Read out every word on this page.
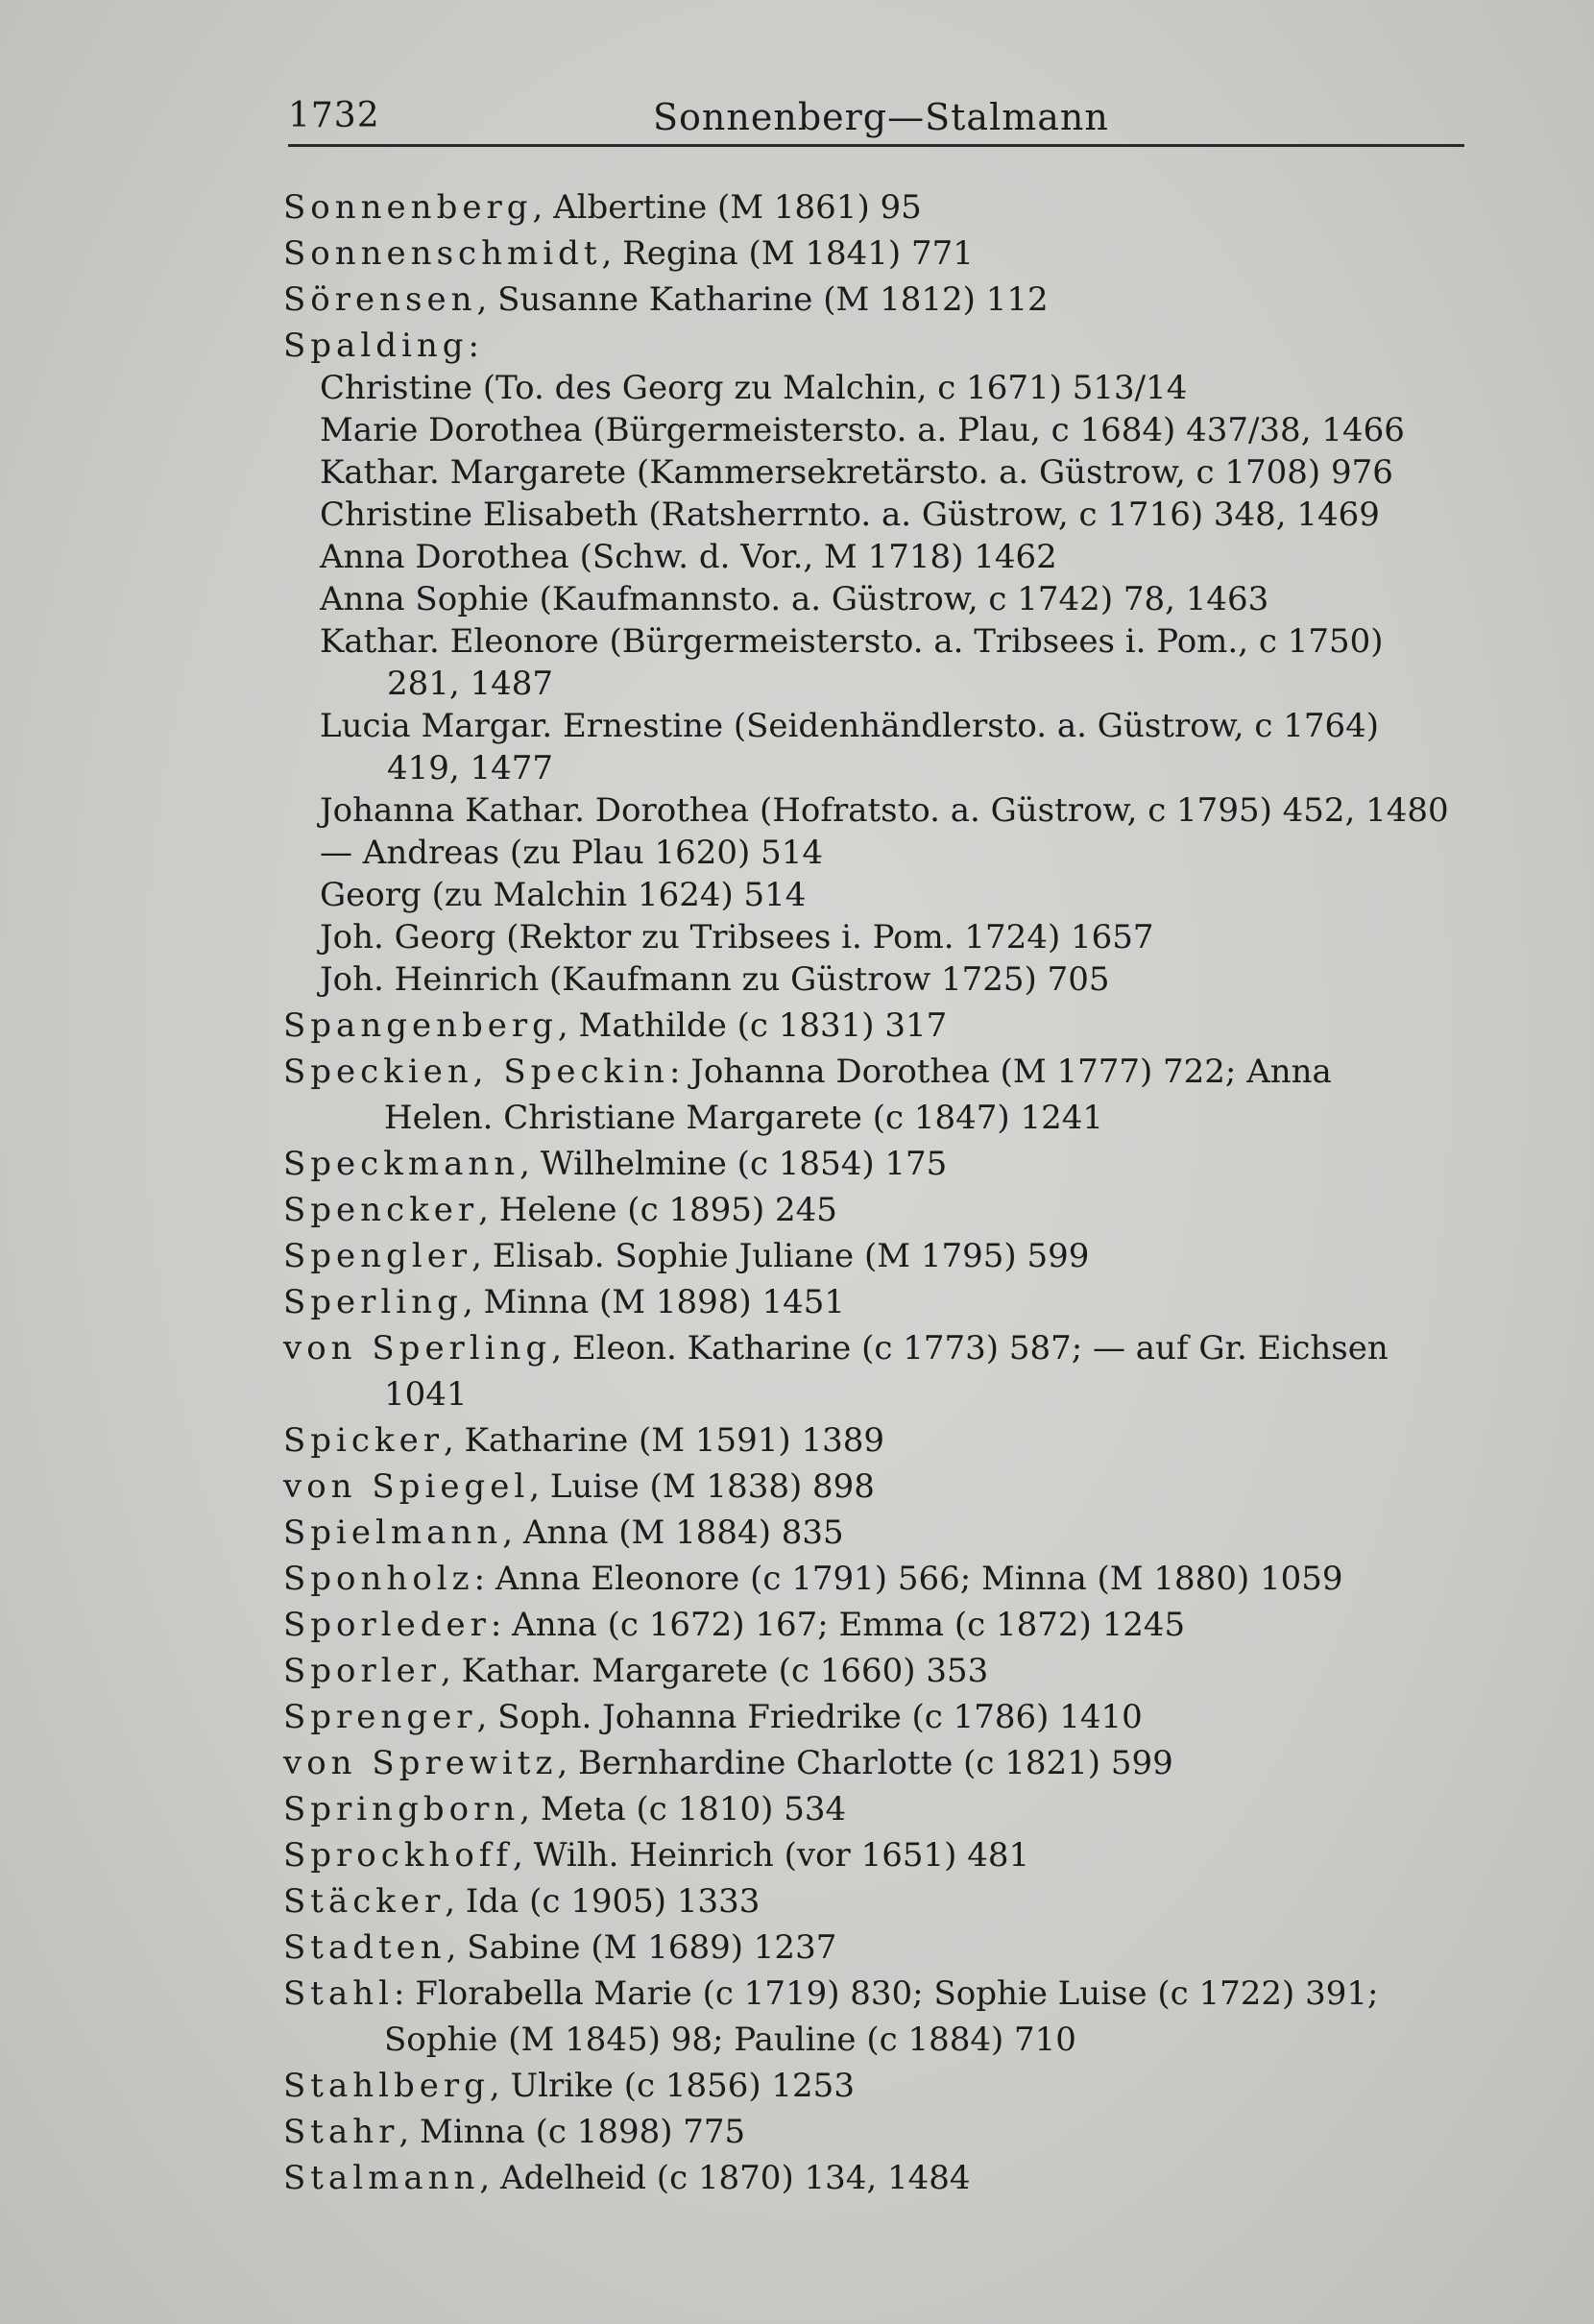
1732	Sonnenberg—Stalmann

Sonnenberg, Albertine (M 1861) 95

Sonnenschmidt, Regina (M 1841) 771

Sörensen, Susanne Katharine (M 1812) 112

Spalding:

Christine (To. des Georg zu Malchin, c 1671) 513/14

Marie Dorothea (Bürgermeistersto. a. Plau, c 1684) 437/38, 1466

Kathar. Margarete (Kammersekretärsto. a. Güstrow, c 1708) 976

Christine Elisabeth (Ratsherrnto. a. Güstrow, c 1716) 348, 1469

Anna Dorothea (Schw. d. Vor., M 1718) 1462

Anna Sophie (Kaufmannsto. a. Güstrow, c 1742) 78, 1463

Kathar. Eleonore (Bürgermeistersto. a. Tribsees i. Pom., c 1750)

281, 1487

Lucia Margar. Ernestine (Seidenhändlersto. a. Güstrow, c 1764)

419, 1477

Johanna Kathar. Dorothea (Hofratsto. a. Güstrow, c 1795) 452, 1480

— Andreas (zu Plau 1620) 514

Georg (zu Malchin 1624) 514

Joh. Georg (Rektor zu Tribsees i. Pom. 1724) 1657

Joh. Heinrich (Kaufmann zu Güstrow 1725) 705

Spangenberg, Mathilde (c 1831) 317

Speckien, Speckin: Johanna Dorothea (M 1777) 722; Anna

Helen. Christiane Margarete (c 1847) 1241

Speckmann, Wilhelmine (c 1854) 175

Spencker, Helene (c 1895) 245

Spengler, Elisab. Sophie Juliane (M 1795) 599

Sperling, Minna (M 1898) 1451

von Sperling, Eleon. Katharine (c 1773) 587; — auf Gr. Eichsen

1041

Spicker, Katharine (M 1591) 1389

von Spiegel, Luise (M 1838) 898

Spielmann, Anna (M 1884) 835

Sponholz: Anna Eleonore (c 1791) 566; Minna (M 1880) 1059

Sporleder: Anna (c 1672) 167; Emma (c 1872) 1245

Sporler, Kathar. Margarete (c 1660) 353

Sprenger, Soph. Johanna Friedrike (c 1786) 1410

von Sprewitz, Bernhardine Charlotte (c 1821) 599

Springborn, Meta (c 1810) 534

Sprockhoff, Wilh. Heinrich (vor 1651) 481

Stäcker, Ida (c 1905) 1333

Stadten, Sabine (M 1689) 1237

Stahl: Florabella Marie (c 1719) 830; Sophie Luise (c 1722) 391;

Sophie (M 1845) 98; Pauline (c 1884) 710

Stahlberg, Ulrike (c 1856) 1253

Stahr, Minna (c 1898) 775

Stalmann, Adelheid (c 1870) 134, 1484
